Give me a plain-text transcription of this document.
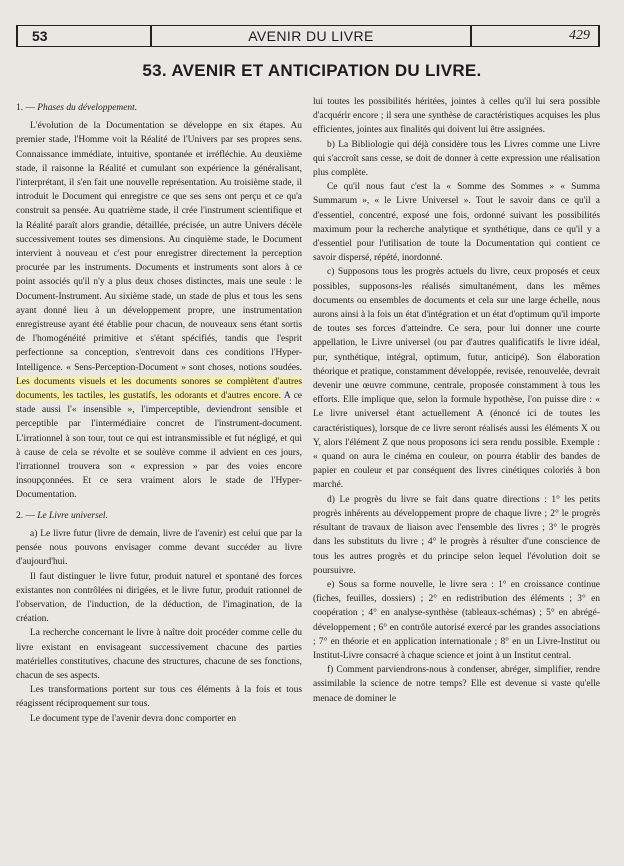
53	AVENIR DU LIVRE	429
53. AVENIR ET ANTICIPATION DU LIVRE.

1. — Phases du développement.

L'évolution de la Documentation se développe en six étapes. Au premier stade, l'Homme voit la Réalité de l'Univers par ses propres sens. Connaissance immédiate, intuitive, spontanée et irréfléchie. Au deuxième stade, il raisonne la Réalité et cumulant son expérience la généralisant, l'interprétant, il s'en fait une nouvelle représentation. Au troisième stade, il introduit le Document qui enregistre ce que ses sens ont perçu et ce qu'a construit sa pensée. Au quatrième stade, il crée l'instrument scientifique et la Réalité paraît alors grandie, détaillée, précisée, un autre Univers décèle successivement toutes ses dimensions. Au cinquième stade, le Document intervient à nouveau et c'est pour enregistrer directement la perception procurée par les instruments. Documents et instruments sont alors à ce point associés qu'il n'y a plus deux choses distinctes, mais une seule : le Document-Instrument. Au sixième stade, un stade de plus et tous les sens ayant donné lieu à un développement propre, une instrumentation enregistreuse ayant été établie pour chacun, de nouveaux sens étant sortis de l'homogénéité primitive et s'étant spécifiés, tandis que l'esprit perfectionne sa conception, s'entrevoit dans ces conditions l'Hyper-Intelligence. « Sens-Perception-Document » sont choses, notions soudées. Les documents visuels et les documents sonores se complètent d'autres documents, les tactiles, les gustatifs, les odorants et d'autres encore. A ce stade aussi l'« insensible », l'imperceptible, deviendront sensible et perceptible par l'intermédiaire concret de l'instrument-document. L'irrationnel à son tour, tout ce qui est intransmissible et fut négligé, et qui à cause de cela se révolte et se soulève comme il advient en ces jours, l'irrationnel trouvera son « expression » par des voies encore insoupçonnées. Et ce sera vraiment alors le stade de l'Hyper-Documentation.

2. — Le Livre universel.

a) Le livre futur (livre de demain, livre de l'avenir) est celui que par la pensée nous pouvons envisager comme devant succéder au livre d'aujourd'hui.

Il faut distinguer le livre futur, produit naturel et spontané des forces existantes non contrôlées ni dirigées, et le livre futur, produit rationnel de l'observation, de l'induction, de la déduction, de l'imagination, de la création.

La recherche concernant le livre à naître doit procéder comme celle du livre existant en envisageant successivement chacune des parties matérielles constitutives, chacune des structures, chacune de ses fonctions, chacun de ses aspects.

Les transformations portent sur tous ces éléments à la fois et tous réagissent réciproquement sur tous.

Le document type de l'avenir devra donc comporter en

lui toutes les possibilités héritées, jointes à celles qu'il lui sera possible d'acquérir encore ; il sera une synthèse de caractéristiques acquises les plus efficientes, jointes aux finalités qui doivent lui être assignées.

b) La Bibliologie qui déjà considère tous les Livres comme une Livre qui s'accroît sans cesse, se doit de donner à cette expression une réalisation plus complète.

Ce qu'il nous faut c'est la « Somme des Sommes » « Summa Summarum », « le Livre Universel ». Tout le savoir dans ce qu'il a d'essentiel, concentré, exposé une fois, ordonné suivant les possibilités maximum pour la recherche analytique et synthétique, dans ce qu'il y a d'essentiel pour l'utilisation de toute la Documentation qui contient ce savoir dispersé, répété, inordonné.

c) Supposons tous les progrès actuels du livre, ceux proposés et ceux possibles, supposons-les réalisés simultanément, dans les mêmes documents ou ensembles de documents et cela sur une large échelle, nous aurons ainsi à la fois un état d'intégration et un état d'optimum qu'il importe de toutes ses forces d'atteindre. Ce sera, pour lui donner une courte appellation, le Livre universel (ou par d'autres qualificatifs le livre idéal, pur, synthétique, intégral, optimum, futur, anticipé). Son élaboration théorique et pratique, constamment développée, revisée, renouvelée, devrait devenir une œuvre commune, centrale, proposée constamment à tous les efforts. Elle implique que, selon la formule hypothèse, l'on puisse dire : « Le livre universel étant actuellement A (énoncé ici de toutes les caractéristiques), lorsque de ce livre seront réalisés aussi les éléments X ou Y, alors l'élément Z que nous proposons ici sera rendu possible. Exemple : « quand on aura le cinéma en couleur, on pourra établir des bandes de papier en couleur et par conséquent des livres cinétiques coloriés à bon marché.

d) Le progrès du livre se fait dans quatre directions : 1° les petits progrès inhérents au développement propre de chaque livre ; 2° le progrès résultant de travaux de liaison avec l'ensemble des livres ; 3° le progrès dans les substituts du livre ; 4° le progrès à résulter d'une conscience de tous les autres progrès et du principe selon lequel l'évolution doit se poursuivre.

e) Sous sa forme nouvelle, le livre sera : 1° en croissance continue (fiches, feuilles, dossiers) ; 2° en redistribution des éléments ; 3° en coopération ; 4° en analyse-synthèse (tableaux-schémas) ; 5° en abrégé-développement ; 6° en contrôle autorisé exercé par les grandes associations ; 7° en théorie et en application internationale ; 8° en un Livre-Institut ou Institut-Livre consacré à chaque science et joint à un Institut central.

f) Comment parviendrons-nous à condenser, abréger, simplifier, rendre assimilable la science de notre temps? Elle est devenue si vaste qu'elle menace de dominer le
